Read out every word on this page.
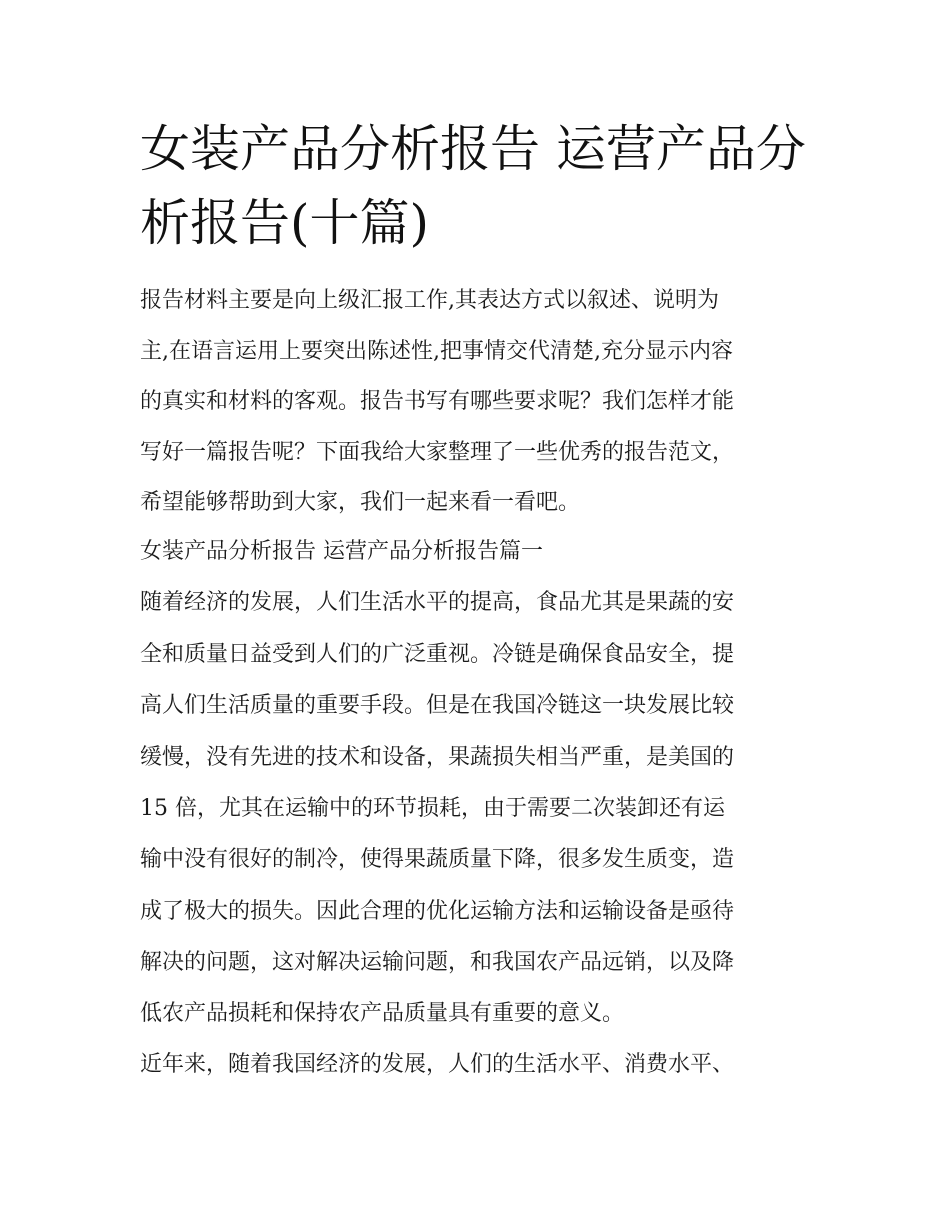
女装产品分析报告 运营产品分析报告(十篇)

报告材料主要是向上级汇报工作,其表达方式以叙述、说明为

主,在语言运用上要突出陈述性,把事情交代清楚,充分显示内容

的真实和材料的客观。报告书写有哪些要求呢？我们怎样才能

写好一篇报告呢？下面我给大家整理了一些优秀的报告范文，

希望能够帮助到大家，我们一起来看一看吧。

女装产品分析报告 运营产品分析报告篇一

随着经济的发展，人们生活水平的提高，食品尤其是果蔬的安

全和质量日益受到人们的广泛重视。冷链是确保食品安全，提

高人们生活质量的重要手段。但是在我国冷链这一块发展比较

缓慢，没有先进的技术和设备，果蔬损失相当严重，是美国的

15 倍，尤其在运输中的环节损耗，由于需要二次装卸还有运

输中没有很好的制冷，使得果蔬质量下降，很多发生质变，造

成了极大的损失。因此合理的优化运输方法和运输设备是亟待

解决的问题，这对解决运输问题，和我国农产品远销，以及降

低农产品损耗和保持农产品质量具有重要的意义。

近年来，随着我国经济的发展，人们的生活水平、消费水平、
